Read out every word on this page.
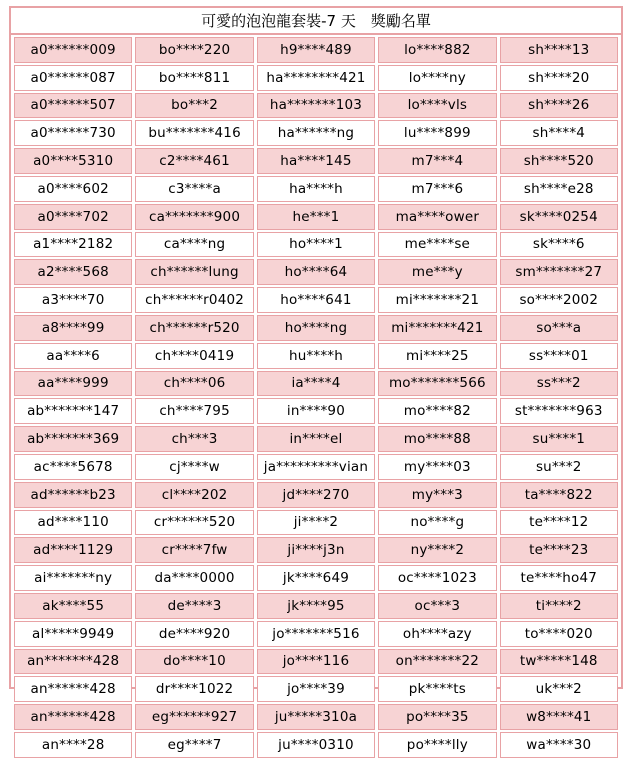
可愛的泡泡龍套裝-7 天　獎勵名單
a0******009	bo****220	h9****489	lo****882	sh****13
a0******087	bo****811	ha********421	lo****ny	sh****20
a0******507	bo***2	ha*******103	lo****vls	sh****26
a0******730	bu*******416	ha******ng	lu****899	sh****4
a0****5310	c2****461	ha****145	m7***4	sh****520
a0****602	c3****a	ha****h	m7***6	sh****e28
a0****702	ca*******900	he***1	ma****ower	sk****0254
a1****2182	ca****ng	ho****1	me****se	sk****6
a2****568	ch******lung	ho****64	me***y	sm*******27
a3****70	ch******r0402	ho****641	mi*******21	so****2002
a8****99	ch******r520	ho****ng	mi*******421	so***a
aa****6	ch****0419	hu****h	mi****25	ss****01
aa****999	ch****06	ia****4	mo*******566	ss***2
ab*******147	ch****795	in****90	mo****82	st*******963
ab*******369	ch***3	in****el	mo****88	su****1
ac****5678	cj****w	ja*********vian	my****03	su***2
ad******b23	cl****202	jd****270	my***3	ta****822
ad****110	cr******520	ji****2	no****g	te****12
ad****1129	cr****7fw	ji****j3n	ny****2	te****23
ai*******ny	da****0000	jk****649	oc****1023	te****ho47
ak****55	de****3	jk****95	oc***3	ti****2
al*****9949	de****920	jo*******516	oh****azy	to****020
an*******428	do****10	jo****116	on*******22	tw*****148
an******428	dr****1022	jo****39	pk****ts	uk***2
an******428	eg******927	ju*****310a	po****35	w8****41
an****28	eg****7	ju****0310	po****lly	wa****30
